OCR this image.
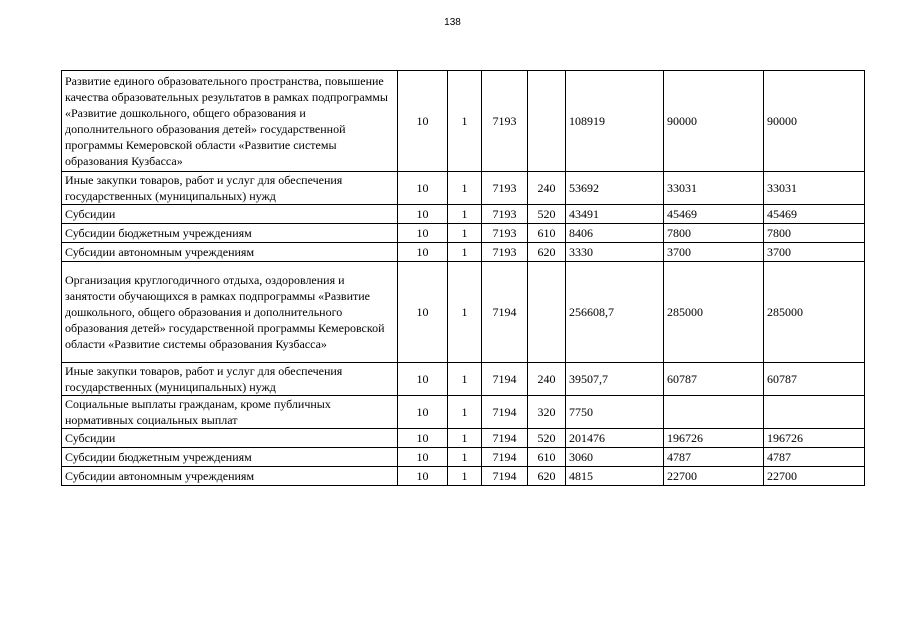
138
Развитие единого образовательного пространства, повышение качества образовательных результатов в рамках подпрограммы «Развитие дошкольного, общего образования и дополнительного образования детей» государственной программы Кемеровской области «Развитие системы образования Кузбасса»	10	1	7193		108919	90000	90000
Иные закупки товаров, работ и услуг для обеспечения государственных (муниципальных) нужд	10	1	7193	240	53692	33031	33031
Субсидии	10	1	7193	520	43491	45469	45469
Субсидии бюджетным учреждениям	10	1	7193	610	8406	7800	7800
Субсидии автономным учреждениям	10	1	7193	620	3330	3700	3700
Организация круглогодичного отдыха, оздоровления и занятости обучающихся в рамках подпрограммы «Развитие дошкольного, общего образования и дополнительного образования детей» государственной программы Кемеровской области «Развитие системы образования Кузбасса»	10	1	7194		256608,7	285000	285000
Иные закупки товаров, работ и услуг для обеспечения государственных (муниципальных) нужд	10	1	7194	240	39507,7	60787	60787
Социальные выплаты гражданам, кроме публичных нормативных социальных выплат	10	1	7194	320	7750		
Субсидии	10	1	7194	520	201476	196726	196726
Субсидии бюджетным учреждениям	10	1	7194	610	3060	4787	4787
Субсидии автономным учреждениям	10	1	7194	620	4815	22700	22700
